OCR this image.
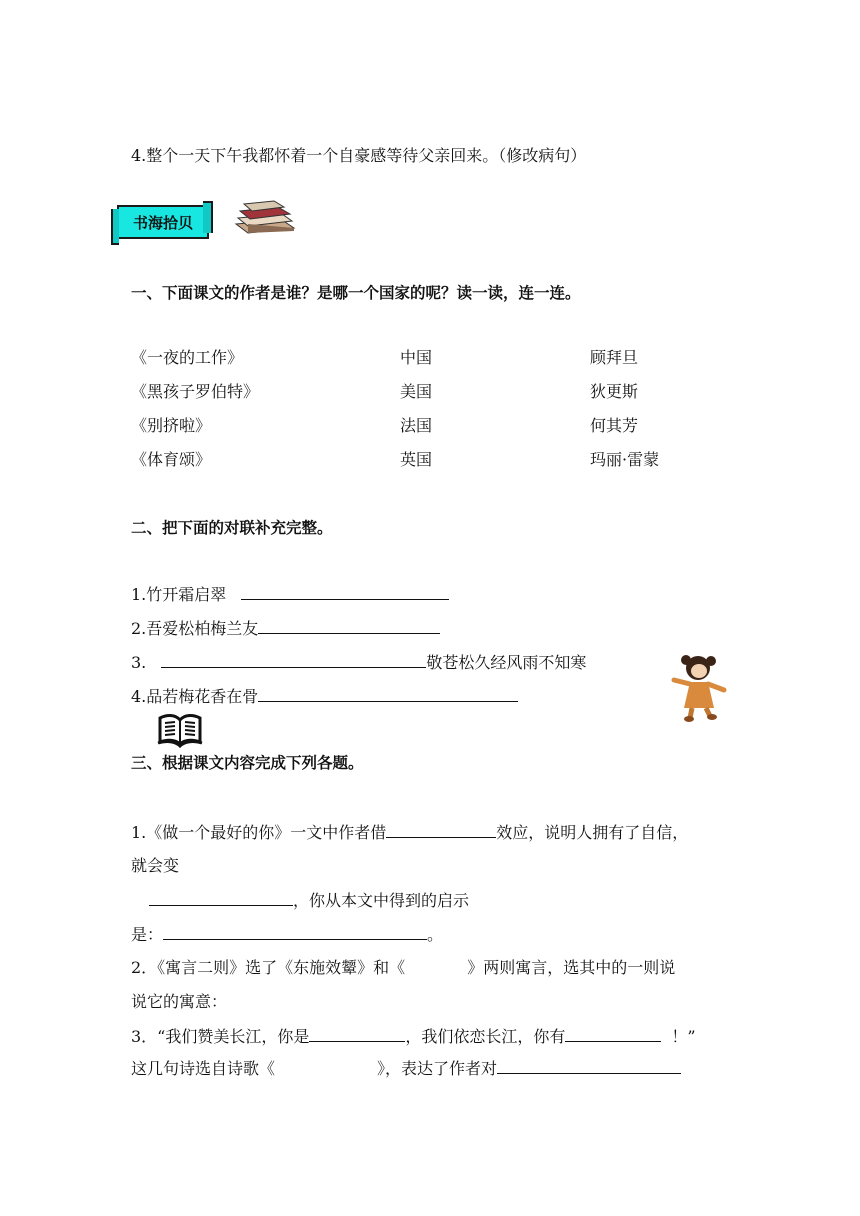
4.整个一天下午我都怀着一个自豪感等待父亲回来。（修改病句）
书海拾贝
一、下面课文的作者是谁？是哪一个国家的呢？读一读，连一连。
《一夜的工作》	中国	顾拜旦
《黑孩子罗伯特》	美国	狄更斯
《别挤啦》	法国	何其芳
《体育颂》	英国	玛丽·雷蒙
二、把下面的对联补充完整。
1.竹开霜启翠
2.吾爱松柏梅兰友
3.	敬苍松久经风雨不知寒
4.品若梅花香在骨
三、根据课文内容完成下列各题。
1.《做一个最好的你》一文中作者借	效应，说明人拥有了自信，
就会变
，你从本文中得到的启示
是：	。
2．《寓言二则》选了《东施效颦》和《	》两则寓言，选其中的一则说
说它的寓意：
3．“我们赞美长江，你是	，我们依恋长江，你有	！”
这几句诗选自诗歌《	》，表达了作者对
